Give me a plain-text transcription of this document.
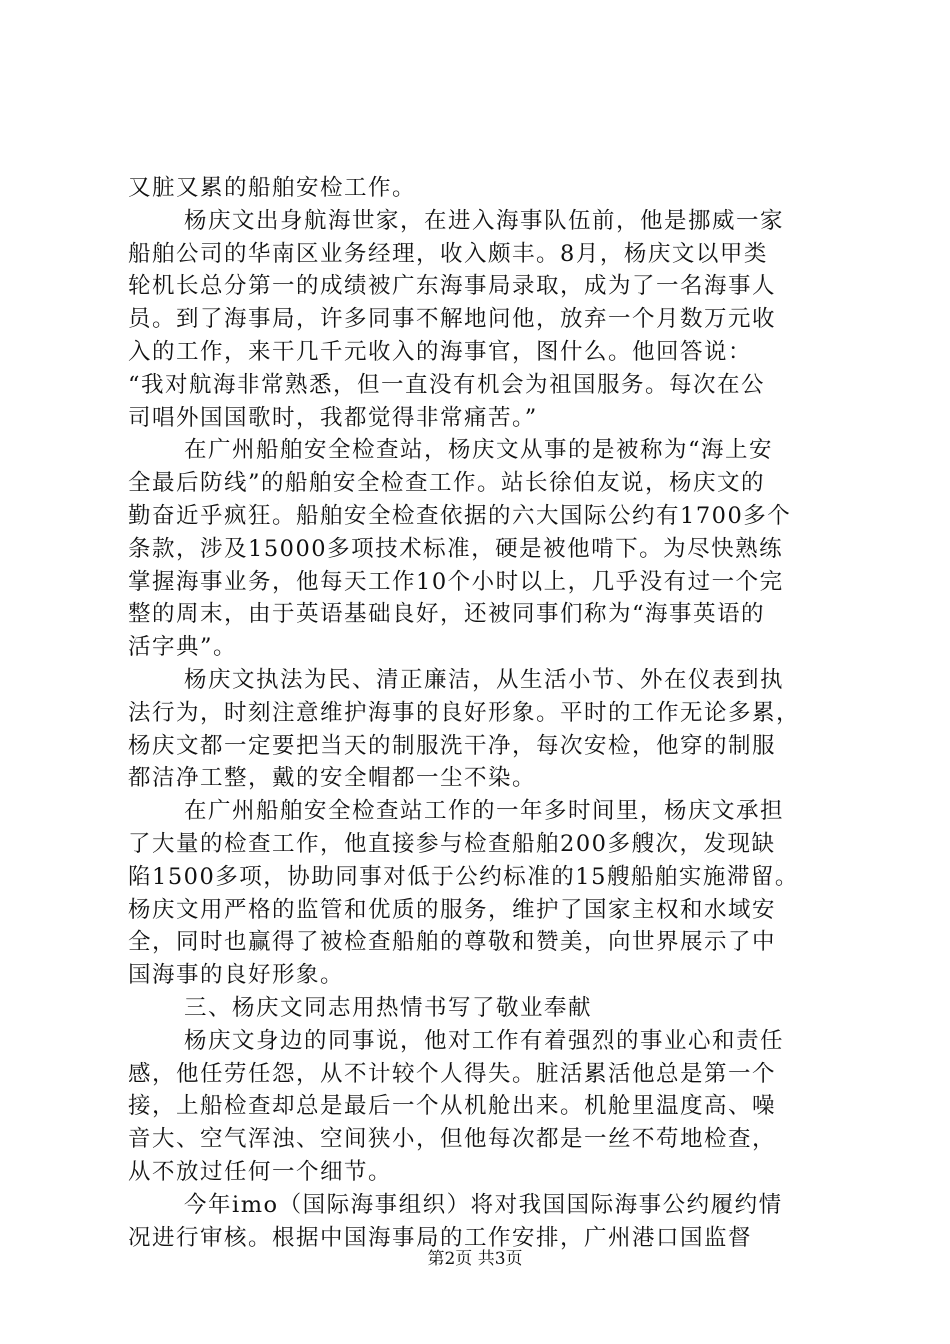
又脏又累的船舶安检工作。
杨庆文出身航海世家，在进入海事队伍前，他是挪威一家
船舶公司的华南区业务经理，收入颇丰。8月，杨庆文以甲类
轮机长总分第一的成绩被广东海事局录取，成为了一名海事人
员。到了海事局，许多同事不解地问他，放弃一个月数万元收
入的工作，来干几千元收入的海事官，图什么。他回答说：
“我对航海非常熟悉，但一直没有机会为祖国服务。每次在公
司唱外国国歌时，我都觉得非常痛苦。”
在广州船舶安全检查站，杨庆文从事的是被称为“海上安
全最后防线”的船舶安全检查工作。站长徐伯友说，杨庆文的
勤奋近乎疯狂。船舶安全检查依据的六大国际公约有1700多个
条款，涉及15000多项技术标准，硬是被他啃下。为尽快熟练
掌握海事业务，他每天工作10个小时以上，几乎没有过一个完
整的周末，由于英语基础良好，还被同事们称为“海事英语的
活字典”。
杨庆文执法为民、清正廉洁，从生活小节、外在仪表到执
法行为，时刻注意维护海事的良好形象。平时的工作无论多累，
杨庆文都一定要把当天的制服洗干净，每次安检，他穿的制服
都洁净工整，戴的安全帽都一尘不染。
在广州船舶安全检查站工作的一年多时间里，杨庆文承担
了大量的检查工作，他直接参与检查船舶200多艘次，发现缺
陷1500多项，协助同事对低于公约标准的15艘船舶实施滞留。
杨庆文用严格的监管和优质的服务，维护了国家主权和水域安
全，同时也赢得了被检查船舶的尊敬和赞美，向世界展示了中
国海事的良好形象。
三、杨庆文同志用热情书写了敬业奉献
杨庆文身边的同事说，他对工作有着强烈的事业心和责任
感，他任劳任怨，从不计较个人得失。脏活累活他总是第一个
接，上船检查却总是最后一个从机舱出来。机舱里温度高、噪
音大、空气浑浊、空间狭小，但他每次都是一丝不苟地检查，
从不放过任何一个细节。
今年imo（国际海事组织）将对我国国际海事公约履约情
况进行审核。根据中国海事局的工作安排，广州港口国监督
第2页 共3页
